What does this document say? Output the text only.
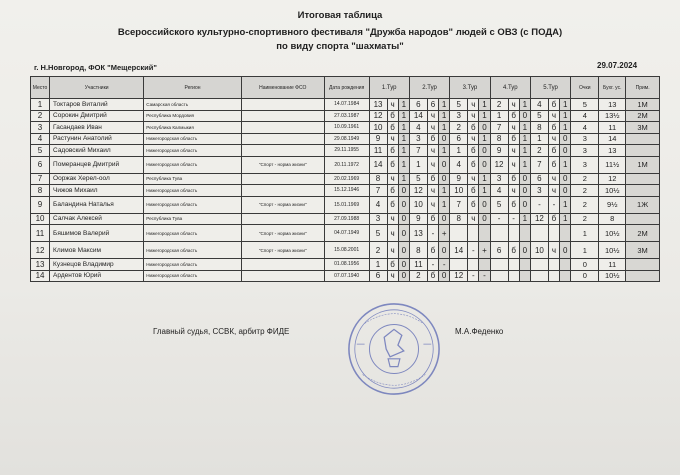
Итоговая таблица
Всероссийского культурно-спортивного фестиваля "Дружба народов" людей с ОВЗ (с ПОДА)
по виду спорта "шахматы"
г. Н.Новгород, ФОК "Мещерский"	29.07.2024
Место	Участники	Регион	Наименование ФСО	Дата рождения	1.Тур			2.Тур			3.Тур			4.Тур			5.Тур			Очки	Бухг. ус.	Прим.
1	Токтаров Виталий	Самарская область		14.07.1984	13	ч	1	6	6	1	5	ч	1	2	ч	1	4	б	1	5	13	1М
2	Сорокин Дмитрий	Республика Мордовия		27.03.1987	12	б	1	14	ч	1	3	ч	1	1	б	0	5	ч	1	4	13½	2М
3	Гасандаев Иван	Республика Калмыкия		10.09.1961	10	б	1	4	ч	1	2	б	0	7	ч	1	8	б	1	4	11	3М
4	Растунин Анатолий	Нижегородская область		29.08.1949	9	ч	1	3	б	0	6	ч	1	8	б	1	1	ч	0	3	14	
5	Садовский Михаил	Нижегородская область		29.11.1955	11	б	1	7	ч	1	1	б	0	9	ч	1	2	б	0	3	13	
6	Померанцев Дмитрий	Нижегородская область	"Спорт - норма жизни"	20.11.1972	14	б	1	1	ч	0	4	б	0	12	ч	1	7	б	1	3	11½	1М
7	Ооржак Херел-оол	Республика Тува		20.02.1969	8	ч	1	5	б	0	9	ч	1	3	б	0	6	ч	0	2	12	
8	Чижов Михаил	Нижегородская область		15.12.1946	7	б	0	12	ч	1	10	б	1	4	ч	0	3	ч	0	2	10½	
9	Баландина Наталья	Нижегородская область	"Спорт - норма жизни"	15.01.1969	4	б	0	10	ч	1	7	б	0	5	б	0	-	-	1	2	9½	1Ж
10	Салчак Алексей	Республика Тува		27.09.1988	3	ч	0	9	б	0	8	ч	0	-	-	1	12	б	1	2	8	
11	Бяшимов Валерий	Нижегородская область	"Спорт - норма жизни"	04.07.1949	5	ч	0	13	-	+										1	10½	2М
12	Климов Максим	Нижегородская область	"Спорт - норма жизни"	15.08.2001	2	ч	0	8	б	0	14	-	+	6	б	0	10	ч	0	1	10½	3М
13	Кузнецов Владимир	Нижегородская область		01.08.1956	1	б	0	11	-	-										0	11	
14	Ардентов Юрий	Нижегородская область		07.07.1940	6	ч	0	2	б	0	12	-	-							0	10½	
Главный судья, ССВК, арбитр ФИДЕ	М.А.Феденко
